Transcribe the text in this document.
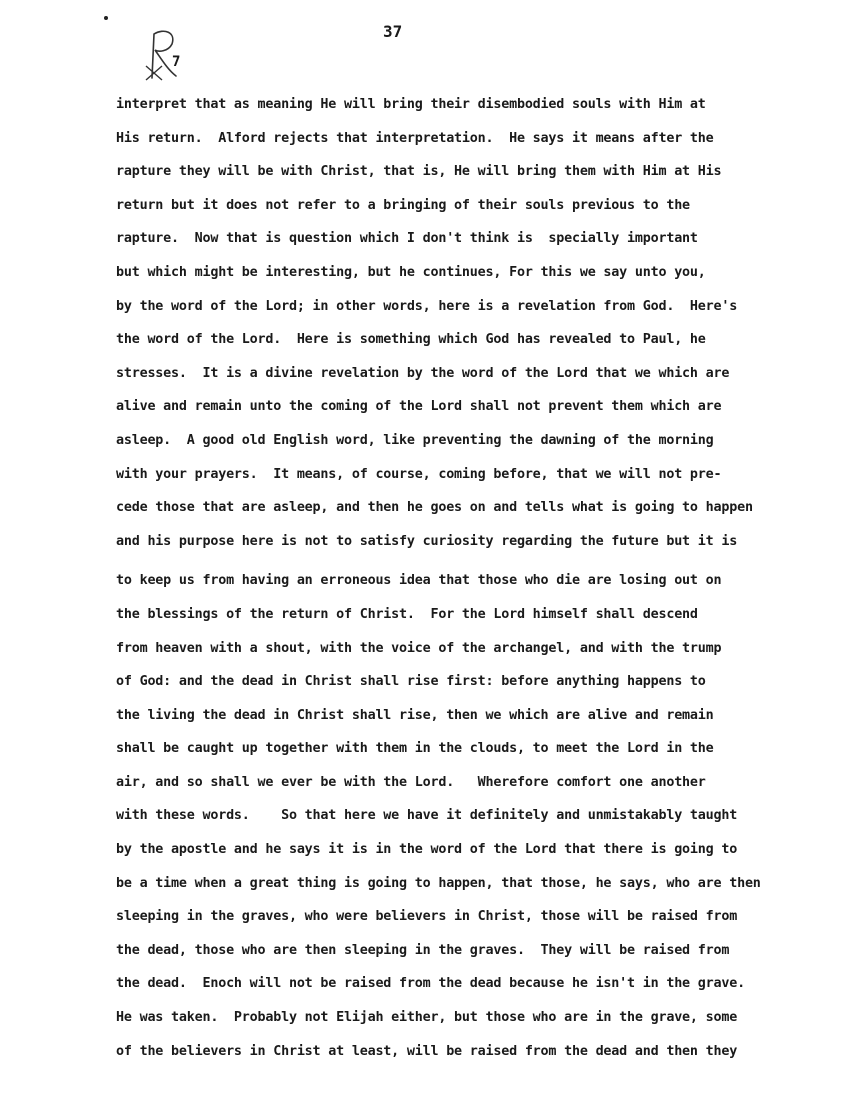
7
37
interpret that as meaning He will bring their disembodied souls with Him at
His return.  Alford rejects that interpretation.  He says it means after the
rapture they will be with Christ, that is, He will bring them with Him at His
return but it does not refer to a bringing of their souls previous to the
rapture.  Now that is question which I don't think is  specially important
but which might be interesting, but he continues, For this we say unto you,
by the word of the Lord; in other words, here is a revelation from God.  Here's
the word of the Lord.  Here is something which God has revealed to Paul, he
stresses.  It is a divine revelation by the word of the Lord that we which are
alive and remain unto the coming of the Lord shall not prevent them which are
asleep.  A good old English word, like preventing the dawning of the morning
with your prayers.  It means, of course, coming before, that we will not pre-
cede those that are asleep, and then he goes on and tells what is going to happen
and his purpose here is not to satisfy curiosity regarding the future but it is
to keep us from having an erroneous idea that those who die are losing out on
the blessings of the return of Christ.  For the Lord himself shall descend
from heaven with a shout, with the voice of the archangel, and with the trump
of God: and the dead in Christ shall rise first: before anything happens to
the living the dead in Christ shall rise, then we which are alive and remain
shall be caught up together with them in the clouds, to meet the Lord in the
air, and so shall we ever be with the Lord.   Wherefore comfort one another
with these words.    So that here we have it definitely and unmistakably taught
by the apostle and he says it is in the word of the Lord that there is going to
be a time when a great thing is going to happen, that those, he says, who are then
sleeping in the graves, who were believers in Christ, those will be raised from
the dead, those who are then sleeping in the graves.  They will be raised from
the dead.  Enoch will not be raised from the dead because he isn't in the grave.
He was taken.  Probably not Elijah either, but those who are in the grave, some
of the believers in Christ at least, will be raised from the dead and then they
